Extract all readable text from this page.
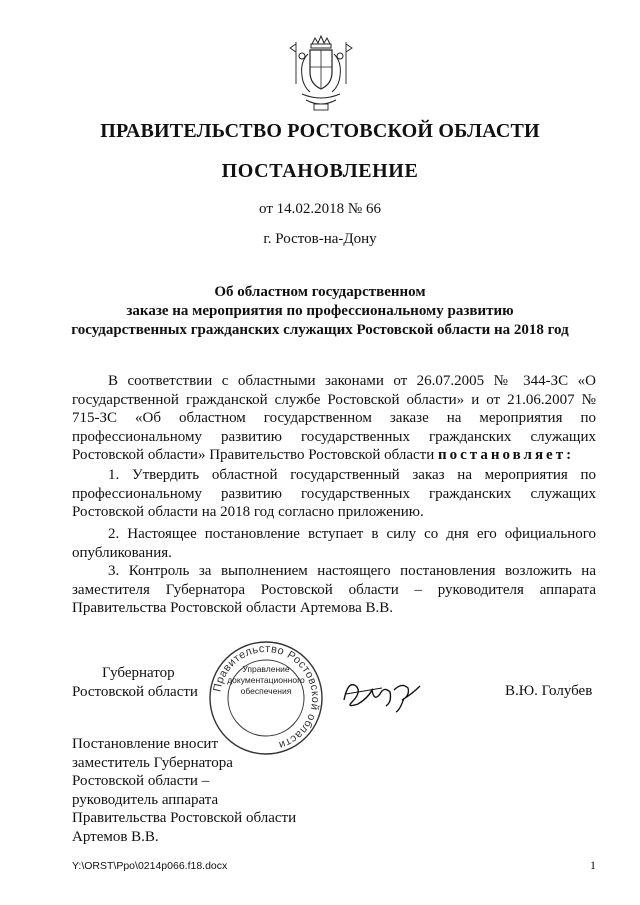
ПРАВИТЕЛЬСТВО РОСТОВСКОЙ ОБЛАСТИ
ПОСТАНОВЛЕНИЕ
от 14.02.2018 № 66
г. Ростов-на-Дону
Об областном государственном
заказе на мероприятия по профессиональному развитию
государственных гражданских служащих Ростовской области на 2018 год
В соответствии с областными законами от 26.07.2005 № 344-ЗС «О государственной гражданской службе Ростовской области» и от 21.06.2007 № 715-ЗС «Об областном государственном заказе на мероприятия по профессиональному развитию государственных гражданских служащих Ростовской области» Правительство Ростовской области постановляет:
1. Утвердить областной государственный заказ на мероприятия по профессиональному развитию государственных гражданских служащих Ростовской области на 2018 год согласно приложению.
2. Настоящее постановление вступает в силу со дня его официального опубликования.
3. Контроль за выполнением настоящего постановления возложить на заместителя Губернатора Ростовской области – руководителя аппарата Правительства Ростовской области Артемова В.В.
Губернатор
Ростовской области Правительство Ростовской области
Управление
документационного
обеспечения	В.Ю. Голубев
Постановление вносит
заместитель Губернатора
Ростовской области –
руководитель аппарата
Правительства Ростовской области
Артемов В.В.
Y:\ORST\Ppo\0214p066.f18.docx	1
